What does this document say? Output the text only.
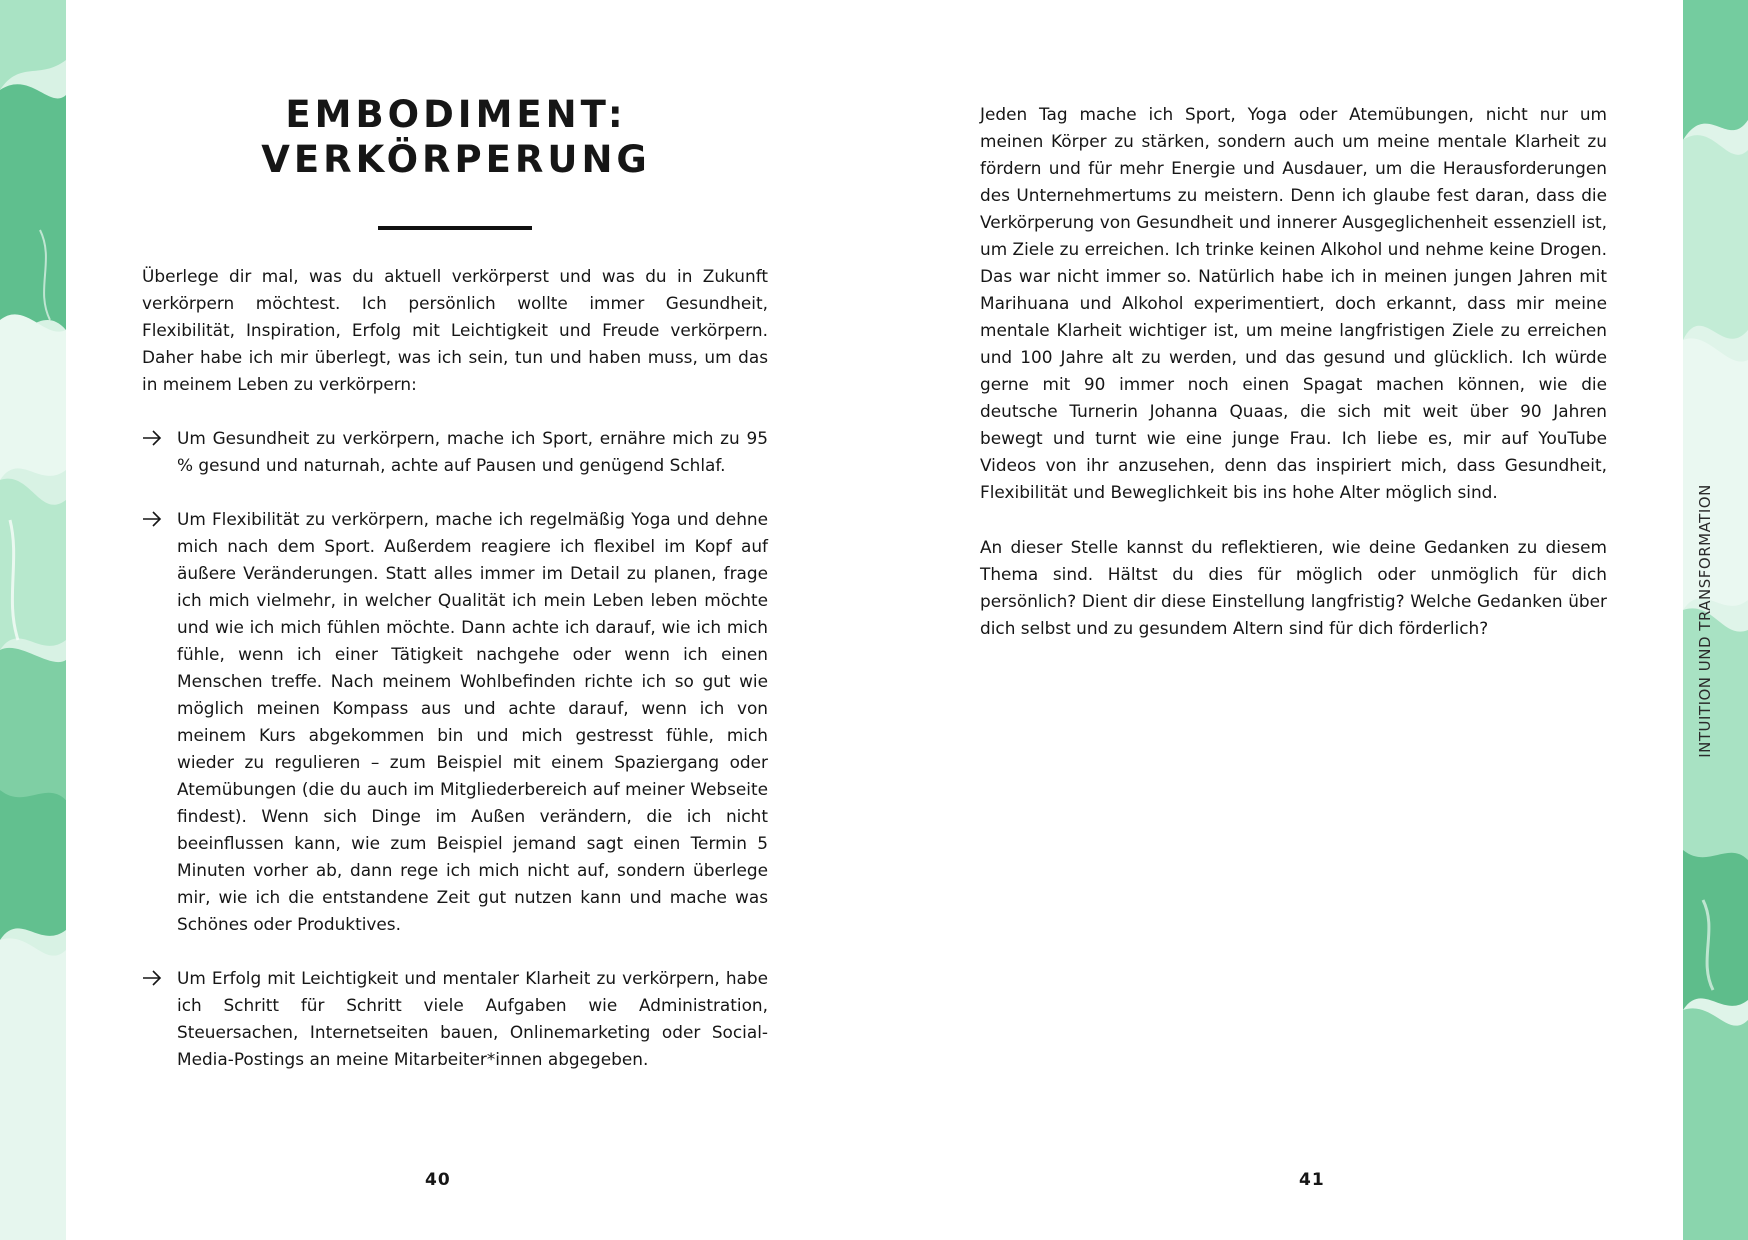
EMBODIMENT:
VERKÖRPERUNG

Überlege dir mal, was du aktuell verkörperst und was du in Zukunft verkörpern möchtest. Ich persönlich wollte immer Gesundheit, Flexibilität, Inspiration, Erfolg mit Leichtigkeit und Freude verkörpern. Daher habe ich mir überlegt, was ich sein, tun und haben muss, um das in meinem Leben zu verkörpern:

Um Gesundheit zu verkörpern, mache ich Sport, ernähre mich zu 95 % gesund und naturnah, achte auf Pausen und genügend Schlaf.
Um Flexibilität zu verkörpern, mache ich regelmäßig Yoga und dehne mich nach dem Sport. Außerdem reagiere ich flexibel im Kopf auf äußere Veränderungen. Statt alles immer im Detail zu planen, frage ich mich vielmehr, in welcher Qualität ich mein Leben leben möchte und wie ich mich fühlen möchte. Dann achte ich darauf, wie ich mich fühle, wenn ich einer Tätigkeit nachgehe oder wenn ich einen Menschen treffe. Nach meinem Wohlbefinden richte ich so gut wie möglich meinen Kompass aus und achte darauf, wenn ich von meinem Kurs abgekommen bin und mich gestresst fühle, mich wieder zu regulieren – zum Beispiel mit einem Spaziergang oder Atemübungen (die du auch im Mitgliederbereich auf meiner Webseite findest). Wenn sich Dinge im Außen verändern, die ich nicht beeinflussen kann, wie zum Beispiel jemand sagt einen Termin 5 Minuten vorher ab, dann rege ich mich nicht auf, sondern überlege mir, wie ich die entstandene Zeit gut nutzen kann und mache was Schönes oder Produktives.
Um Erfolg mit Leichtigkeit und mentaler Klarheit zu verkörpern, habe ich Schritt für Schritt viele Aufgaben wie Administration, Steuersachen, Internetseiten bauen, Onlinemarketing oder Social-Media-Postings an meine Mitarbeiter*innen abgegeben.
40

Jeden Tag mache ich Sport, Yoga oder Atemübungen, nicht nur um meinen Körper zu stärken, sondern auch um meine mentale Klarheit zu fördern und für mehr Energie und Ausdauer, um die Herausforderungen des Unternehmertums zu meistern. Denn ich glaube fest daran, dass die Verkörperung von Gesundheit und innerer Ausgeglichenheit essenziell ist, um Ziele zu erreichen. Ich trinke keinen Alkohol und nehme keine Drogen. Das war nicht immer so. Natürlich habe ich in meinen jungen Jahren mit Marihuana und Alkohol experimentiert, doch erkannt, dass mir meine mentale Klarheit wichtiger ist, um meine langfristigen Ziele zu erreichen und 100 Jahre alt zu werden, und das gesund und glücklich. Ich würde gerne mit 90 immer noch einen Spagat machen können, wie die deutsche Turnerin Johanna Quaas, die sich mit weit über 90 Jahren bewegt und turnt wie eine junge Frau. Ich liebe es, mir auf YouTube Videos von ihr anzusehen, denn das inspiriert mich, dass Gesundheit, Flexibilität und Beweglichkeit bis ins hohe Alter möglich sind.

An dieser Stelle kannst du reflektieren, wie deine Gedanken zu diesem Thema sind. Hältst du dies für möglich oder unmöglich für dich persönlich? Dient dir diese Einstellung langfristig? Welche Gedanken über dich selbst und zu gesundem Altern sind für dich förderlich?

41
INTUITION UND TRANSFORMATION
